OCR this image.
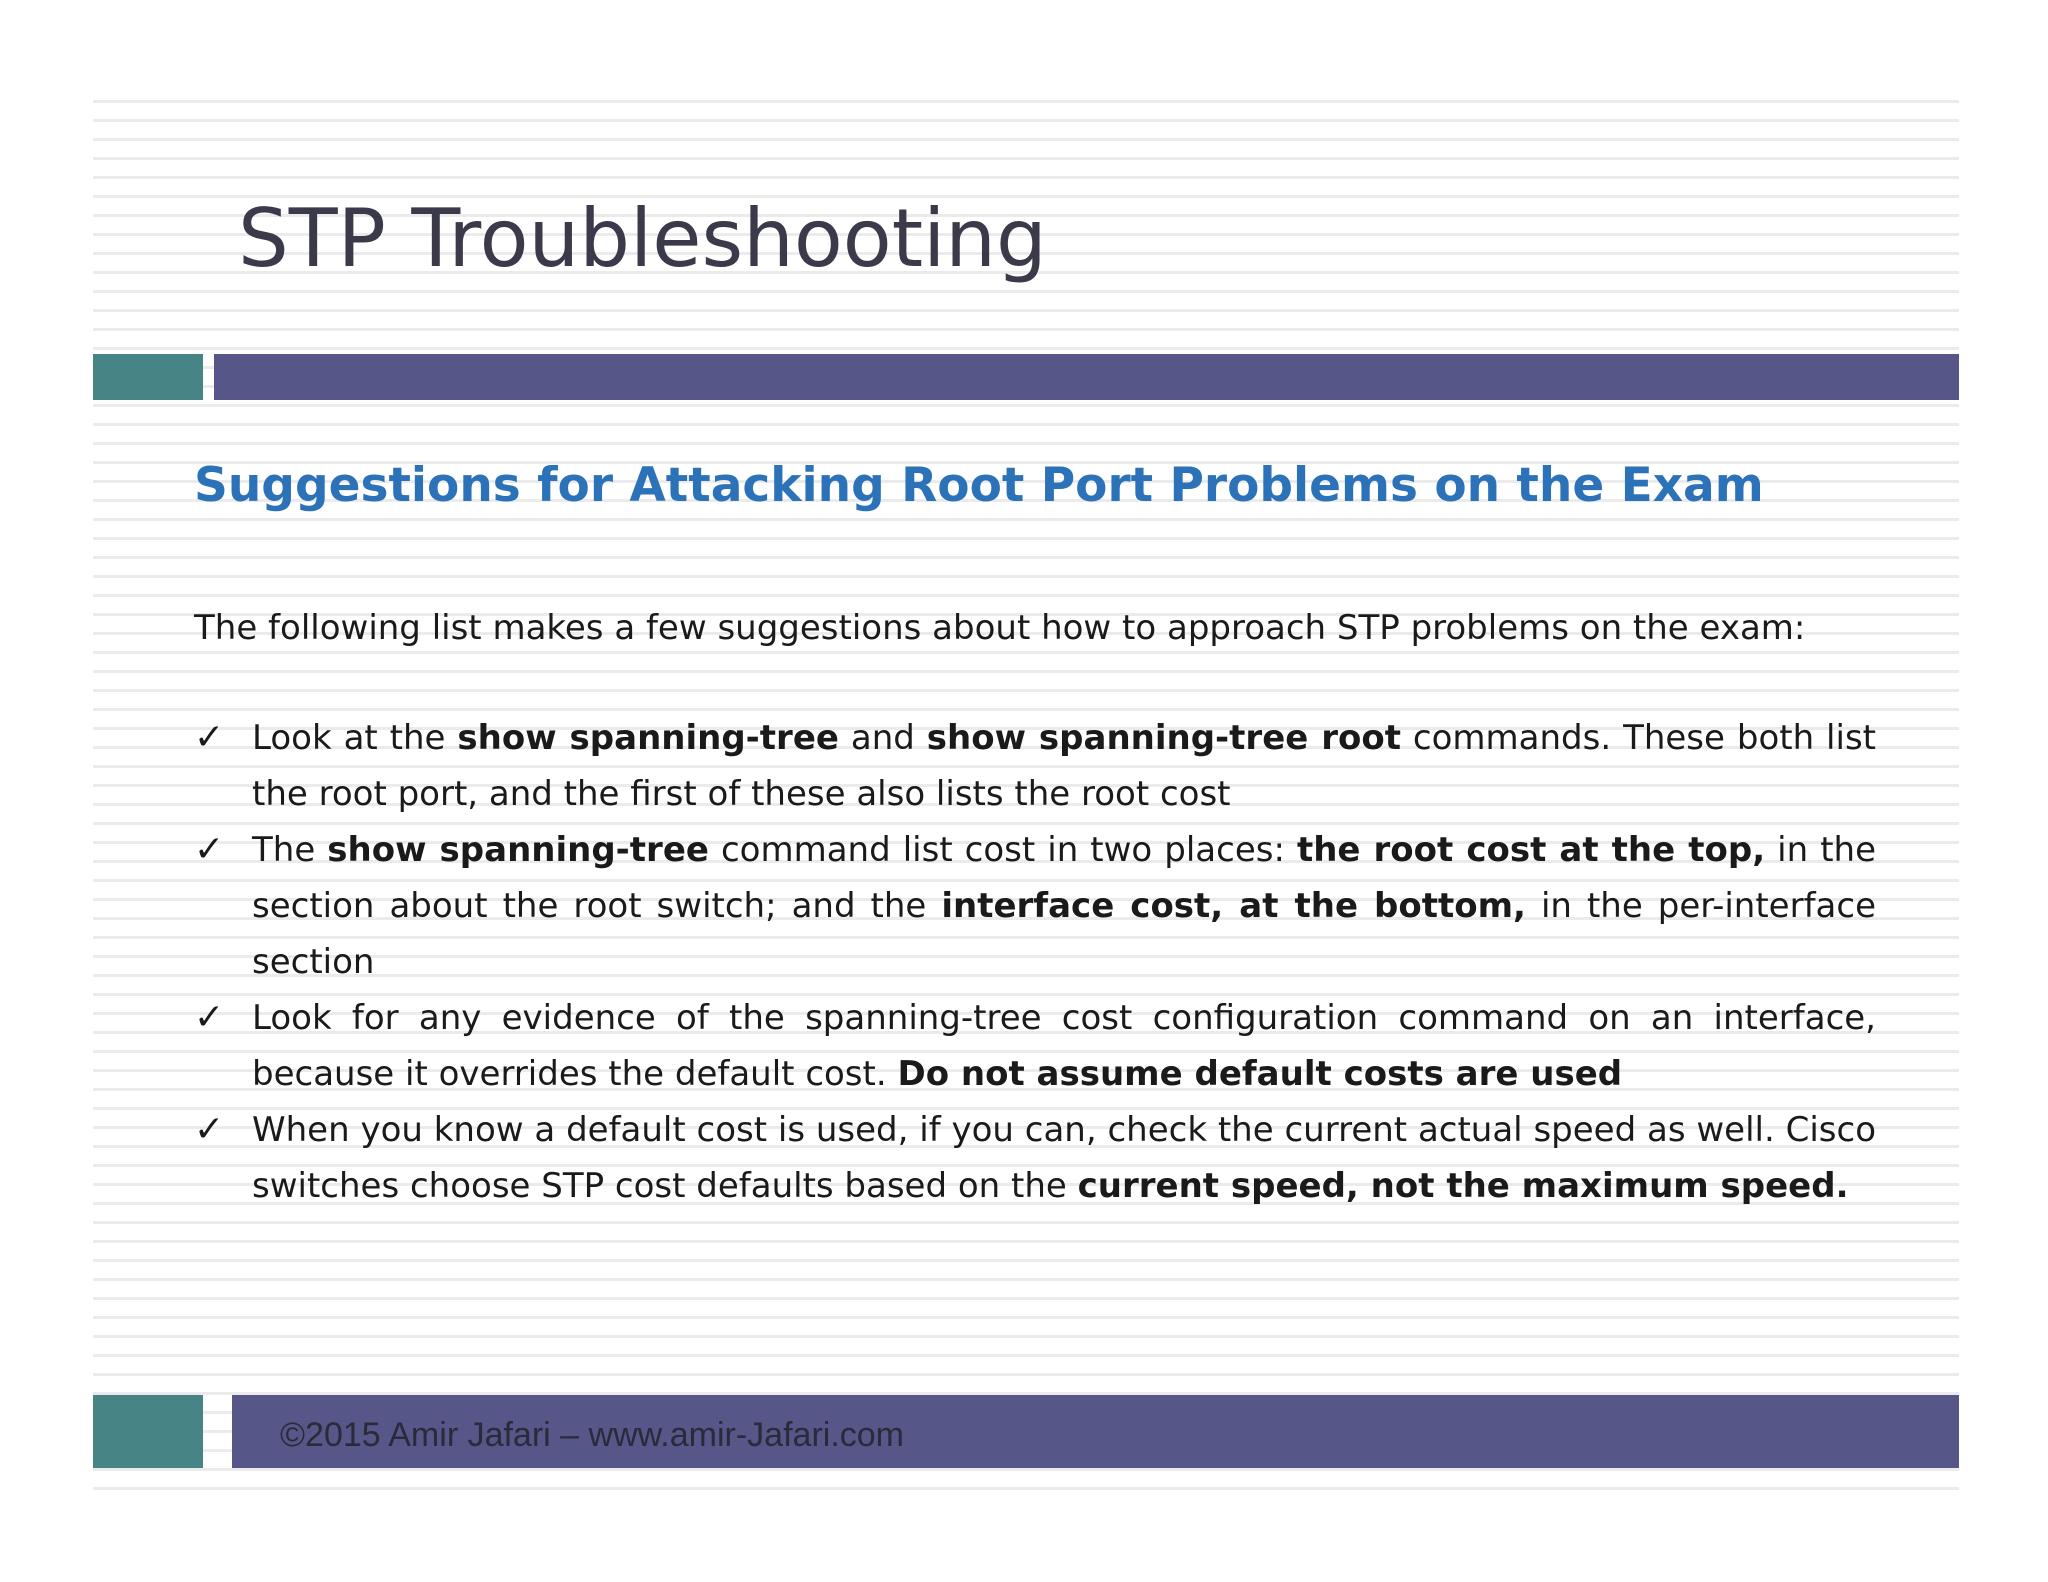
STP Troubleshooting
Suggestions for Attacking Root Port Problems on the Exam

The following list makes a few suggestions about how to approach STP problems on the exam:

✓ Look at the show spanning-tree and show spanning-tree root commands. These both list the root port, and the first of these also lists the root cost
✓ The show spanning-tree command list cost in two places: the root cost at the top, in the section about the root switch; and the interface cost, at the bottom, in the per-interface section
✓ Look for any evidence of the spanning-tree cost configuration command on an interface, because it overrides the default cost. Do not assume default costs are used
✓ When you know a default cost is used, if you can, check the current actual speed as well. Cisco switches choose STP cost defaults based on the current speed, not the maximum speed.
©2015 Amir Jafari – www.amir-Jafari.com
